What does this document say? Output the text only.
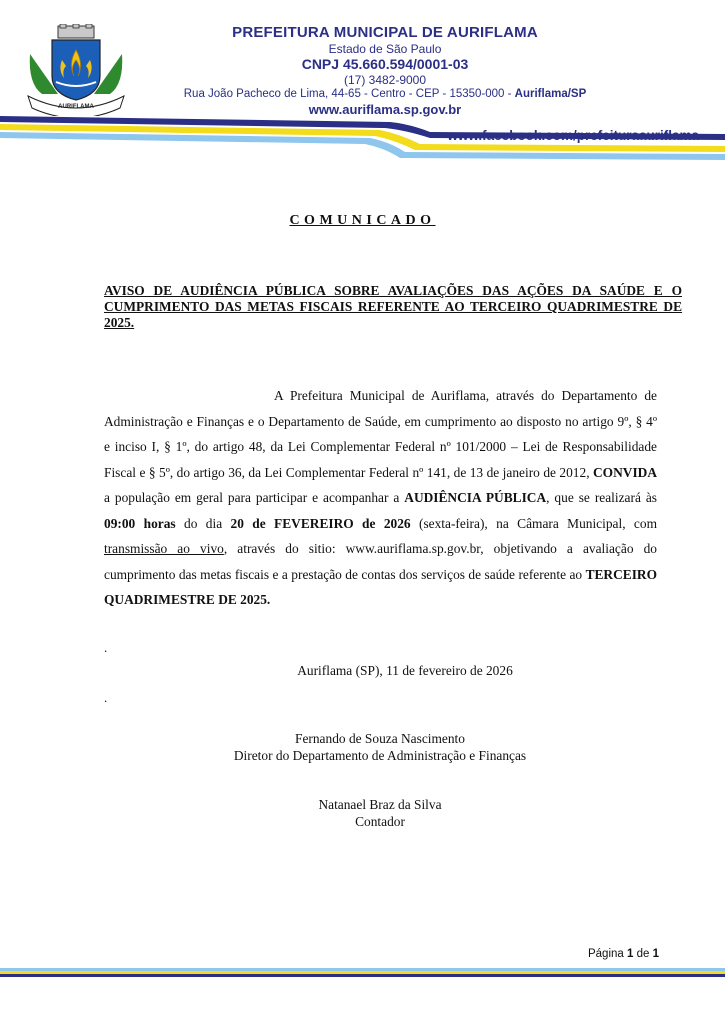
AURIFLAMA
PREFEITURA MUNICIPAL DE AURIFLAMA
Estado de São Paulo
CNPJ 45.660.594/0001-03
(17) 3482-9000
Rua João Pacheco de Lima, 44-65 - Centro - CEP - 15350-000 - Auriflama/SP
www.auriflama.sp.gov.br
www.facebook.com/prefeituraauriflama
COMUNICADO
AVISO DE AUDIÊNCIA PÚBLICA SOBRE AVALIAÇÕES DAS AÇÕES DA SAÚDE E O CUMPRIMENTO DAS METAS FISCAIS REFERENTE AO TERCEIRO QUADRIMESTRE DE 2025.
A Prefeitura Municipal de Auriflama, através do Departamento de Administração e Finanças e o Departamento de Saúde, em cumprimento ao disposto no artigo 9º, § 4º e inciso I, § 1º, do artigo 48, da Lei Complementar Federal nº 101/2000 – Lei de Responsabilidade Fiscal e § 5º, do artigo 36, da Lei Complementar Federal nº 141, de 13 de janeiro de 2012, CONVIDA a população em geral para participar e acompanhar a AUDIÊNCIA PÚBLICA, que se realizará às 09:00 horas do dia 20 de FEVEREIRO de 2026 (sexta-feira), na Câmara Municipal, com transmissão ao vivo, através do sitio: www.auriflama.sp.gov.br, objetivando a avaliação do cumprimento das metas fiscais e a prestação de contas dos serviços de saúde referente ao TERCEIRO QUADRIMESTRE DE 2025.
.
Auriflama (SP), 11 de fevereiro de 2026
.
Fernando de Souza Nascimento
Diretor do Departamento de Administração e Finanças
Natanael Braz da Silva
Contador
Página 1 de 1
